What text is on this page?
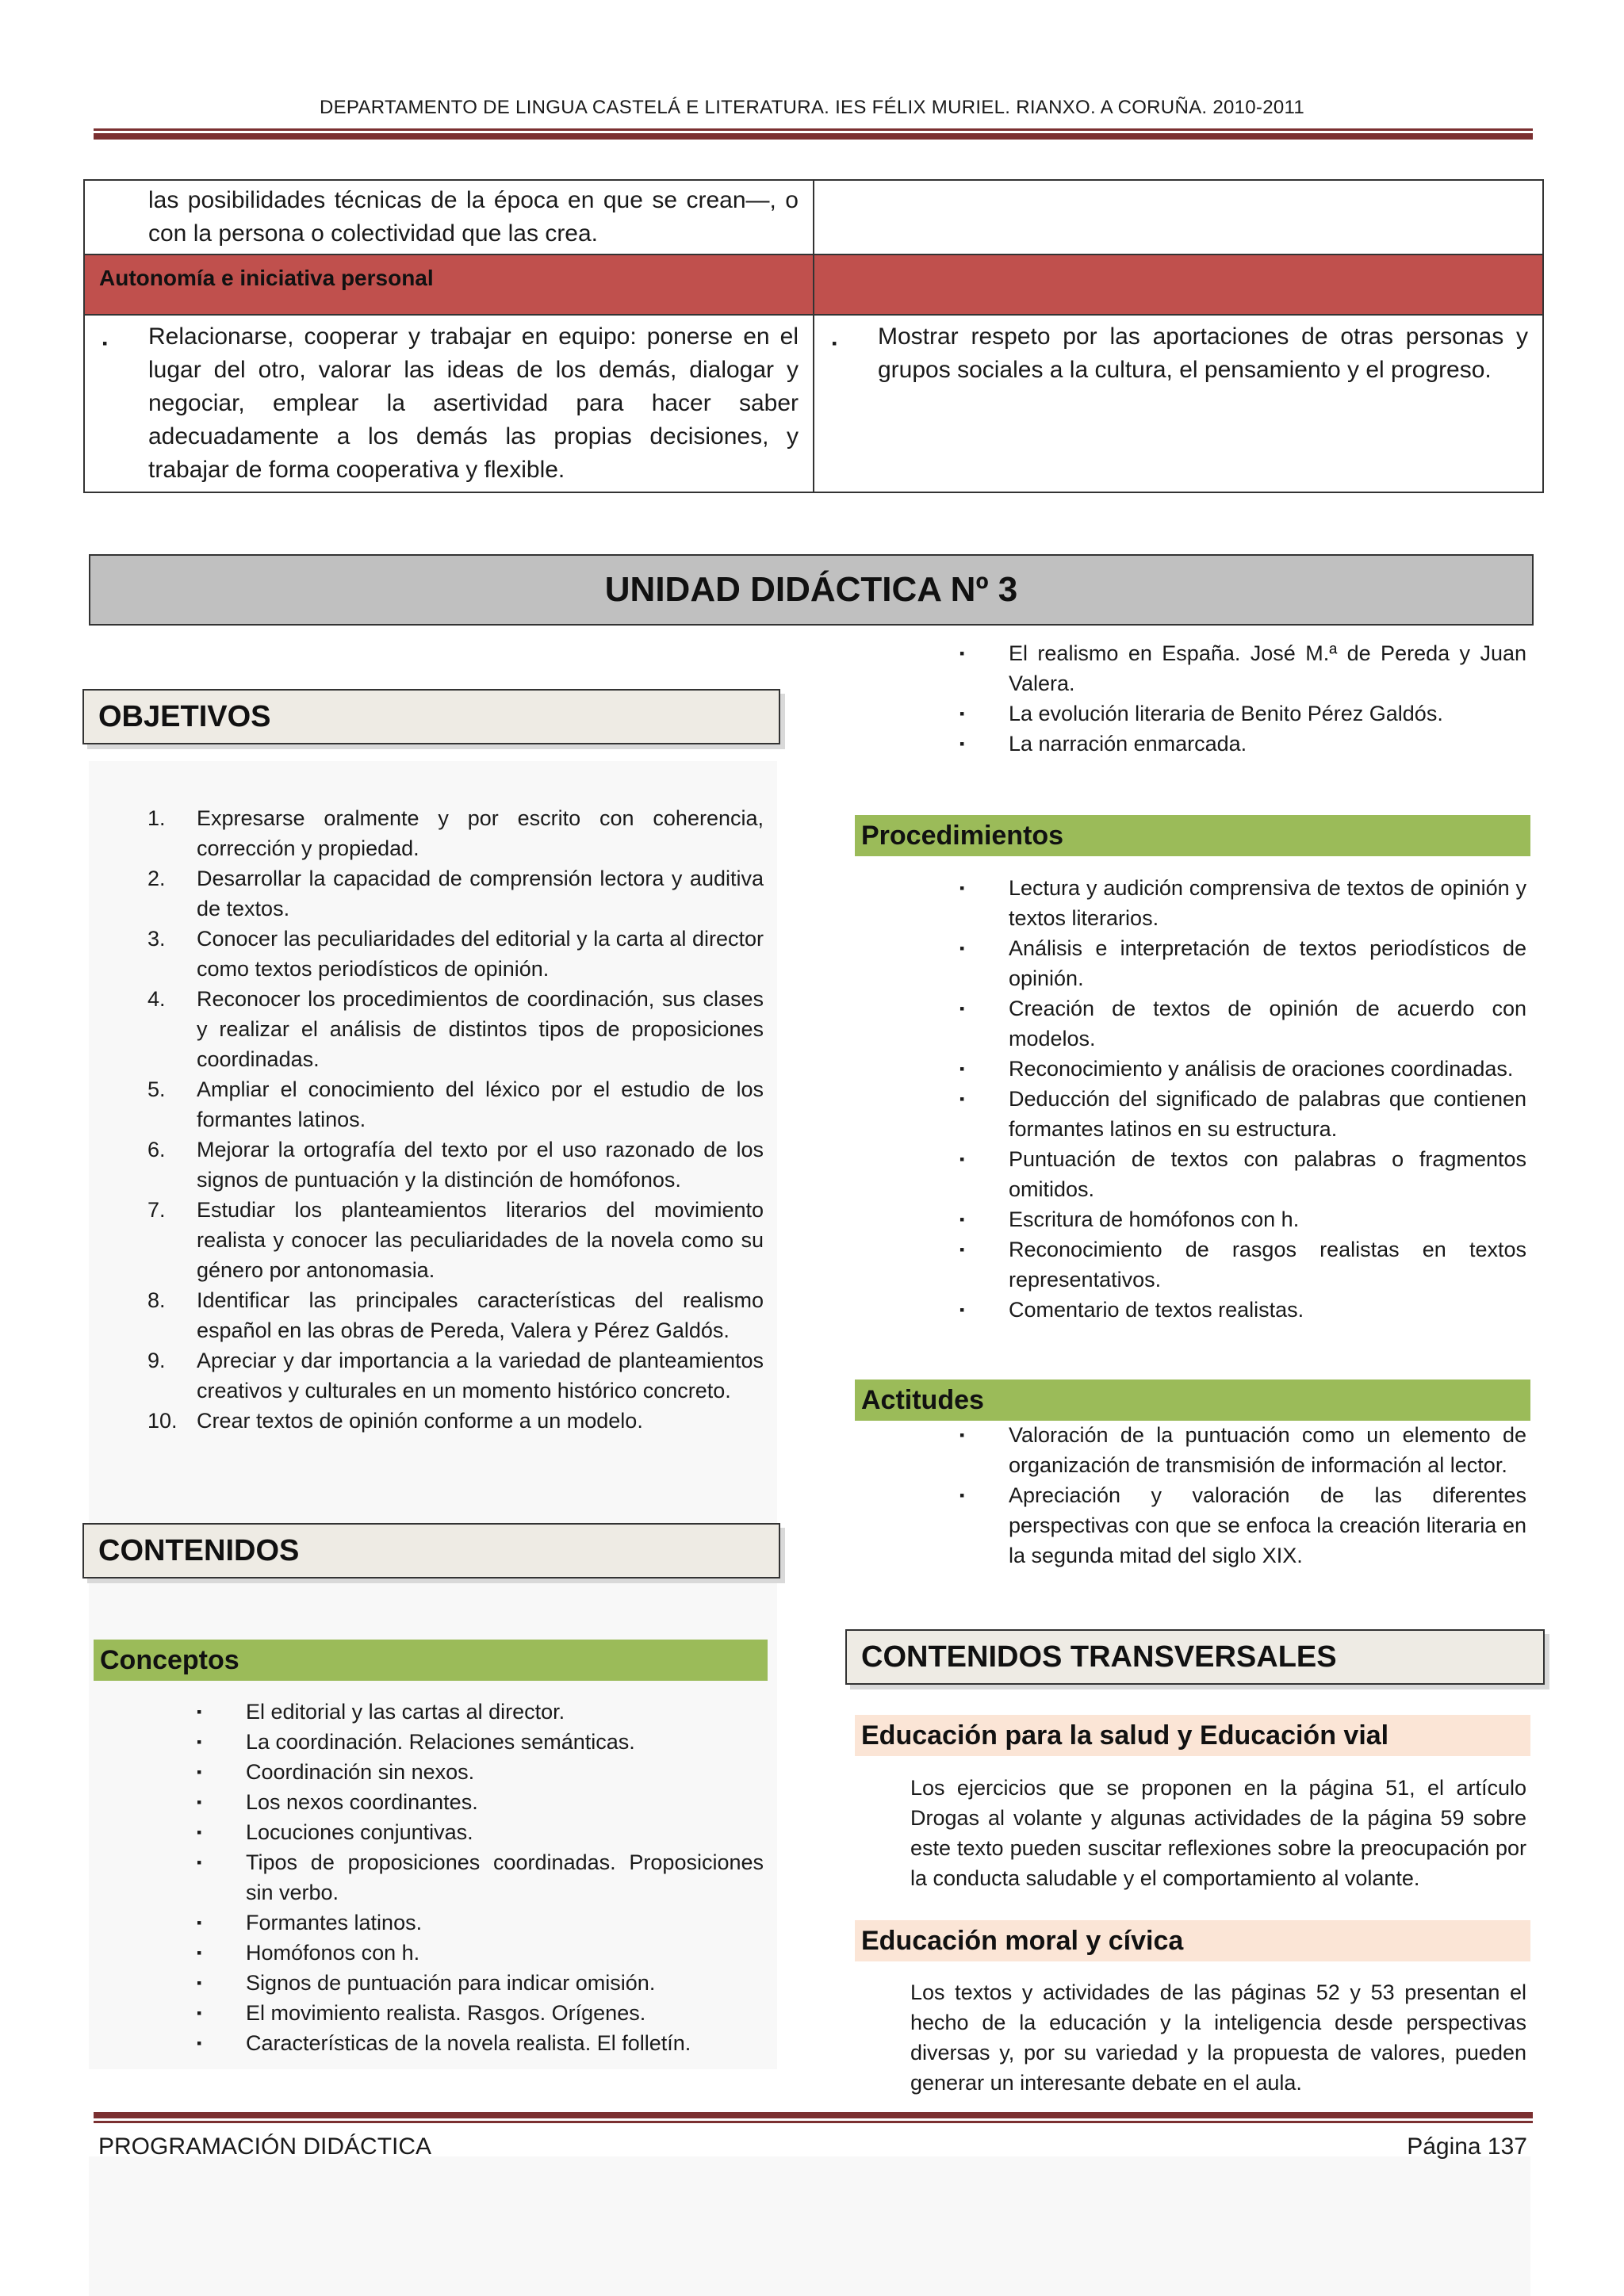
DEPARTAMENTO DE LINGUA CASTELÁ E LITERATURA. IES FÉLIX MURIEL. RIANXO. A CORUÑA. 2010-2011
las posibilidades técnicas de la época en que se crean—, o con la persona o colectividad que las crea.	

Autonomía e iniciativa personal	

▪ Relacionarse, cooperar y trabajar en equipo: ponerse en el lugar del otro, valorar las ideas de los demás, dialogar y negociar, emplear la asertividad para hacer saber adecuadamente a los demás las propias decisiones, y trabajar de forma cooperativa y flexible.	▪ Mostrar respeto por las aportaciones de otras personas y grupos sociales a la cultura, el pensamiento y el progreso.
UNIDAD DIDÁCTICA Nº 3
OBJETIVOS
1.	Expresarse oralmente y por escrito con coherencia, corrección y propiedad.
2.	Desarrollar la capacidad de comprensión lectora y auditiva de textos.
3.	Conocer las peculiaridades del editorial y la carta al director como textos periodísticos de opinión.
4.	Reconocer los procedimientos de coordinación, sus clases y realizar el análisis de distintos tipos de proposiciones coordinadas.
5.	Ampliar el conocimiento del léxico por el estudio de los formantes latinos.
6.	Mejorar la ortografía del texto por el uso razonado de los signos de puntuación y la distinción de homófonos.
7.	Estudiar los planteamientos literarios del movimiento realista y conocer las peculiaridades de la novela como su género por antonomasia.
8.	Identificar las principales características del realismo español en las obras de Pereda, Valera y Pérez Galdós.
9.	Apreciar y dar importancia a la variedad de planteamientos creativos y culturales en un momento histórico concreto.
10. Crear textos de opinión conforme a un modelo.
CONTENIDOS
Conceptos
▪ El editorial y las cartas al director.
▪ La coordinación. Relaciones semánticas.
▪ Coordinación sin nexos.
▪ Los nexos coordinantes.
▪ Locuciones conjuntivas.
▪ Tipos de proposiciones coordinadas. Proposiciones sin verbo.
▪ Formantes latinos.
▪ Homófonos con h.
▪ Signos de puntuación para indicar omisión.
▪ El movimiento realista. Rasgos. Orígenes.
▪ Características de la novela realista. El folletín.
▪ El realismo en España. José M.ª de Pereda y Juan Valera.
▪ La evolución literaria de Benito Pérez Galdós.
▪ La narración enmarcada.
Procedimientos
▪ Lectura y audición comprensiva de textos de opinión y textos literarios.
▪ Análisis e interpretación de textos periodísticos de opinión.
▪ Creación de textos de opinión de acuerdo con modelos.
▪ Reconocimiento y análisis de oraciones coordinadas.
▪ Deducción del significado de palabras que contienen formantes latinos en su estructura.
▪ Puntuación de textos con palabras o fragmentos omitidos.
▪ Escritura de homófonos con h.
▪ Reconocimiento de rasgos realistas en textos representativos.
▪ Comentario de textos realistas.
Actitudes
▪ Valoración de la puntuación como un elemento de organización de transmisión de información al lector.
▪ Apreciación y valoración de las diferentes perspectivas con que se enfoca la creación literaria en la segunda mitad del siglo XIX.
CONTENIDOS TRANSVERSALES
Educación para la salud y Educación vial

Los ejercicios que se proponen en la página 51, el artículo Drogas al volante y algunas actividades de la página 59 sobre este texto pueden suscitar reflexiones sobre la preocupación por la conducta saludable y el comportamiento al volante.

Educación moral y cívica

Los textos y actividades de las páginas 52 y 53 presentan el hecho de la educación y la inteligencia desde perspectivas diversas y, por su variedad y la propuesta de valores, pueden generar un interesante debate en el aula.

PROGRAMACIÓN DIDÁCTICA	Página 137
